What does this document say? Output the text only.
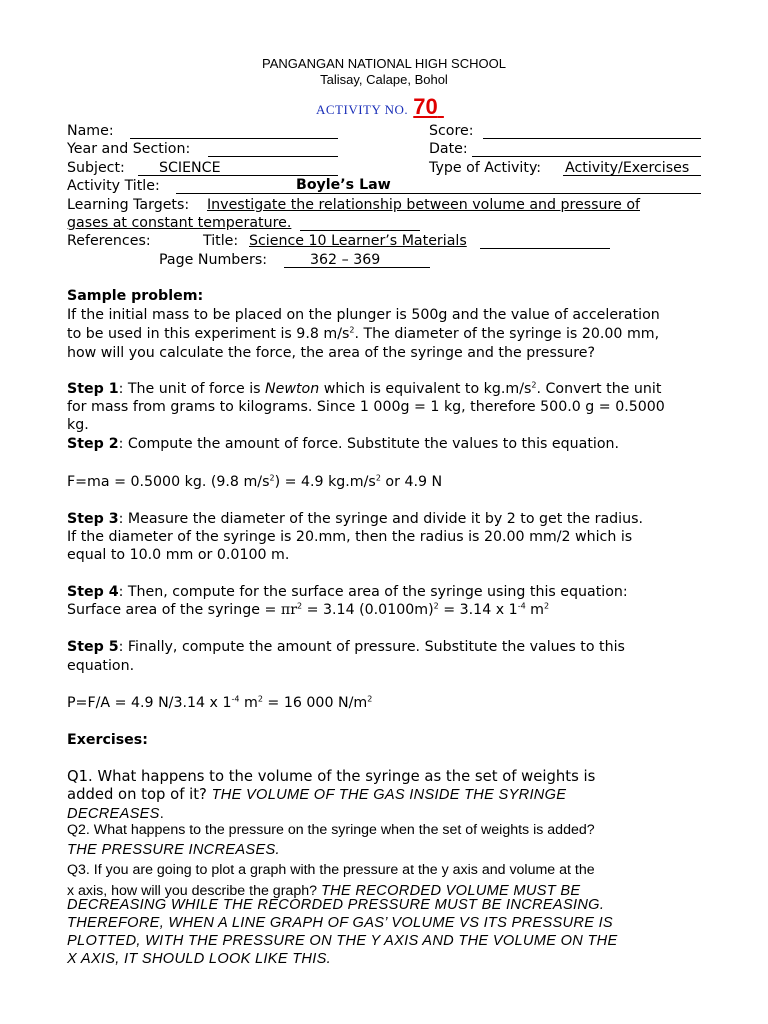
PANGANGAN NATIONAL HIGH SCHOOL
Talisay, Calape, Bohol
ACTIVITY NO. 70
Name:	Score:
Year and Section:	Date:
Subject: SCIENCE	Type of Activity: Activity/Exercises
Activity Title:	Boyle’s Law
Learning Targets: Investigate the relationship between volume and pressure of
gases at constant temperature.
References:	Title: Science 10 Learner’s Materials
Page Numbers:	362 – 369
Sample problem:
If the initial mass to be placed on the plunger is 500g and the value of acceleration
to be used in this experiment is 9.8 $m/s^2$. The diameter of the syringe is 20.00 mm,
how will you calculate the force, the area of the syringe and the pressure?
Step 1: The unit of force is Newton which is equivalent to $kg.m/s^2$. Convert the unit
for mass from grams to kilograms. Since 1 000g = 1 kg, therefore 500.0 g = 0.5000
kg.
Step 2: Compute the amount of force. Substitute the values to this equation.
F=ma = 0.5000 kg. (9.8 $m/s^2) = 4.9$ $kg.m/s^2$ or 4.9 N
Step 3: Measure the diameter of the syringe and divide it by 2 to get the radius.
If the diameter of the syringe is 20.mm, then the radius is 20.00 mm/2 which is
equal to 10.0 mm or 0.0100 m.
Step 4: Then, compute for the surface area of the syringe using this equation:
Surface area of the syringe = $\pi r^2 = 3.14$ $(0.0100m)^2 = 3.14$ x $1^{-4}$ $m^2$
Step 5: Finally, compute the amount of pressure. Substitute the values to this
equation.
P=F/A = 4.9 N/3.14 x $1^{-4}$ $m^2 = 16$ 000 $N/m^2$
Exercises:
Q1. What happens to the volume of the syringe as the set of weights is
added on top of it? THE VOLUME OF THE GAS INSIDE THE SYRINGE
DECREASES.
Q2. What happens to the pressure on the syringe when the set of weights is added?
THE PRESSURE INCREASES.
Q3. If you are going to plot a graph with the pressure at the y axis and volume at the
x axis, how will you describe the graph? THE RECORDED VOLUME MUST BE
DECREASING WHILE THE RECORDED PRESSURE MUST BE INCREASING.
THEREFORE, WHEN A LINE GRAPH OF GAS’ VOLUME VS ITS PRESSURE IS
PLOTTED, WITH THE PRESSURE ON THE Y AXIS AND THE VOLUME ON THE
X AXIS, IT SHOULD LOOK LIKE THIS.
